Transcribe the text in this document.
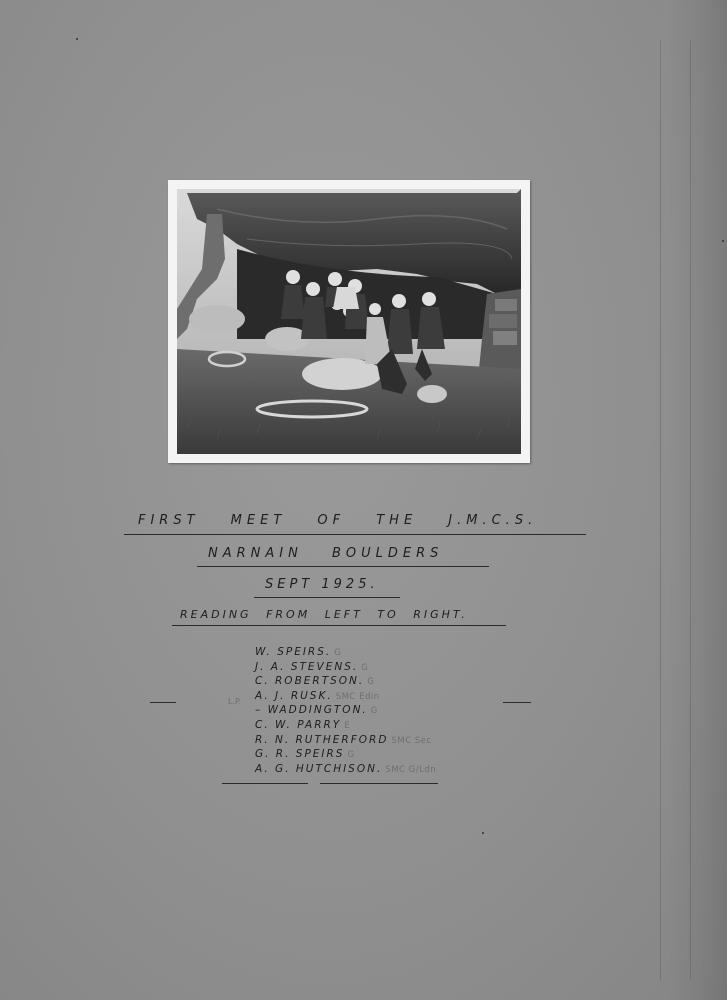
FIRST MEET OF THE J.M.C.S.
NARNAIN BOULDERS
SEPT 1925.
READING FROM LEFT TO RIGHT.
W. SPEIRS. G
J. A. STEVENS. G
C. ROBERTSON. G
A. J. RUSK. SMC Edin
– WADDINGTON. G
C. W. PARRY E
R. N. RUTHERFORD SMC Sec
G. R. SPEIRS G
A. G. HUTCHISON. SMC G/Ldn
L.P.
